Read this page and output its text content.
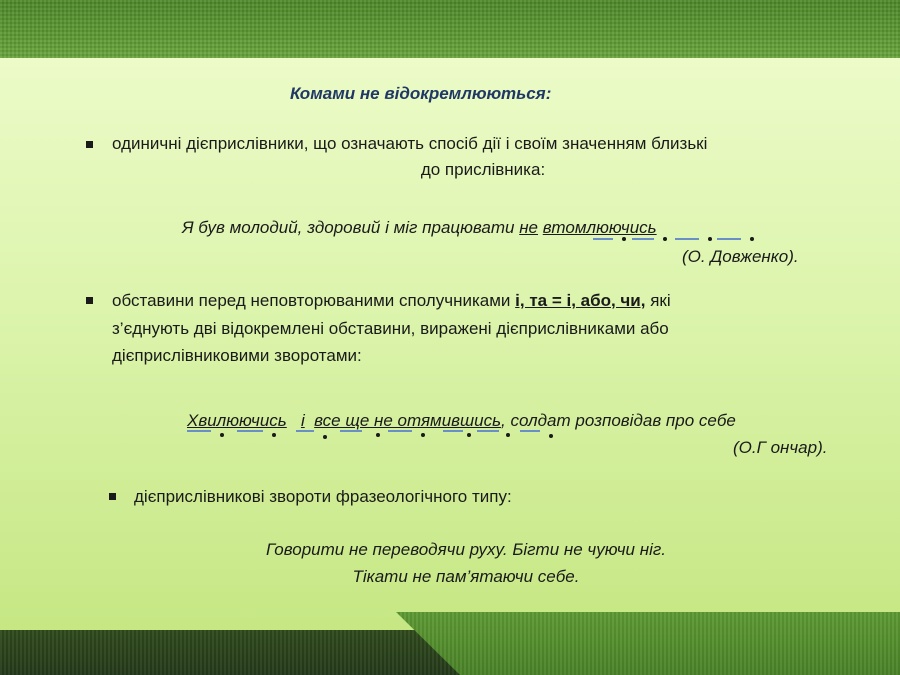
Комами не відокремлюються:

одиничні дієприслівники, що означають спосіб дії і своїм значенням близькі

до прислівника:

Я був молодий, здоровий і міг працювати не втомлюючись

(О. Довженко).

обставини перед неповторюваними сполучниками і, та = і, або, чи, які

з’єднують дві відокремлені обставини, виражені дієприслівниками або

дієприслівниковими зворотами:

Хвилюючись і все ще не отямившись, солдат розповідав про себе

(О.Г ончар).

дієприслівникові звороти фразеологічного типу:

Говорити не переводячи руху. Бігти не чуючи ніг.

Тікати не пам’ятаючи себе.
